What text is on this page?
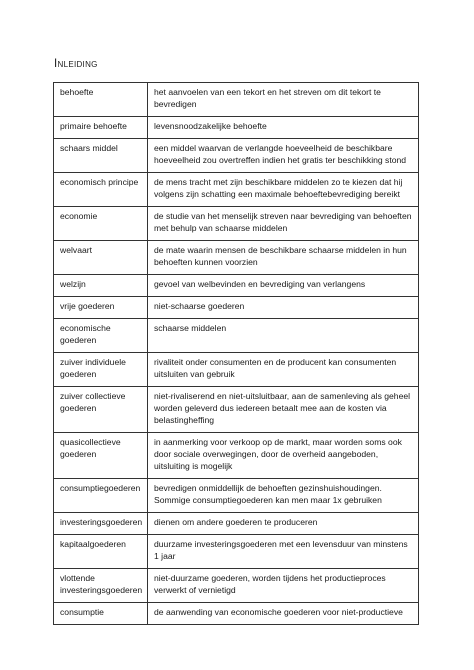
Inleiding
behoefte	het aanvoelen van een tekort en het streven om dit tekort te bevredigen
primaire behoefte	levensnoodzakelijke behoefte
schaars middel	een middel waarvan de verlangde hoeveelheid de beschikbare hoeveelheid zou overtreffen indien het gratis ter beschikking stond
economisch principe	de mens tracht met zijn beschikbare middelen zo te kiezen dat hij volgens zijn schatting een maximale behoeftebevrediging bereikt
economie	de studie van het menselijk streven naar bevrediging van behoeften met behulp van schaarse middelen
welvaart	de mate waarin mensen de beschikbare schaarse middelen in hun behoeften kunnen voorzien
welzijn	gevoel van welbevinden en bevrediging van verlangens
vrije goederen	niet-schaarse goederen
economische goederen	schaarse middelen
zuiver individuele goederen	rivaliteit onder consumenten en de producent kan consumenten uitsluiten van gebruik
zuiver collectieve goederen	niet-rivaliserend en niet-uitsluitbaar, aan de samenleving als geheel worden geleverd dus iedereen betaalt mee aan de kosten via belastingheffing
quasicollectieve goederen	in aanmerking voor verkoop op de markt, maar worden soms ook door sociale overwegingen, door de overheid aangeboden, uitsluiting is mogelijk
consumptiegoederen	bevredigen onmiddellijk de behoeften gezinshuishoudingen. Sommige consumptiegoederen kan men maar 1x gebruiken
investeringsgoederen	dienen om andere goederen te produceren
kapitaalgoederen	duurzame investeringsgoederen met een levensduur van minstens 1 jaar
vlottende investeringsgoederen	niet-duurzame goederen, worden tijdens het productieproces verwerkt of vernietigd
consumptie	de aanwending van economische goederen voor niet-productieve
